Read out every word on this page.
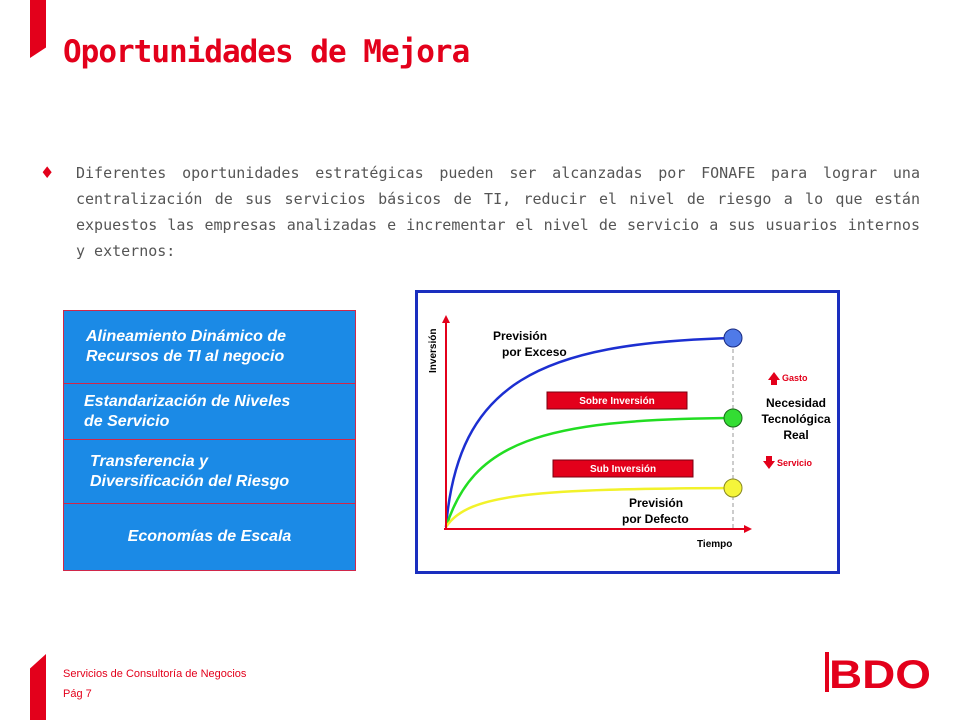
Oportunidades de Mejora
♦ Diferentes oportunidades estratégicas pueden ser alcanzadas por FONAFE para lograr una centralización de sus servicios básicos de TI, reducir el nivel de riesgo a lo que están expuestos las empresas analizadas e incrementar el nivel de servicio a sus usuarios internos y externos:
Alineamiento Dinámico de
Recursos de TI al negocio
Estandarización de Niveles
de Servicio
Transferencia y
Diversificación del Riesgo
Economías de Escala
Inversión
Tiempo
Previsión
por Exceso
Previsión
por Defecto
Sobre Inversión
Sub Inversión
Gasto
Necesidad
Tecnológica
Real
Servicio
Servicios de Consultoría de Negocios
Pág 7	BDO
